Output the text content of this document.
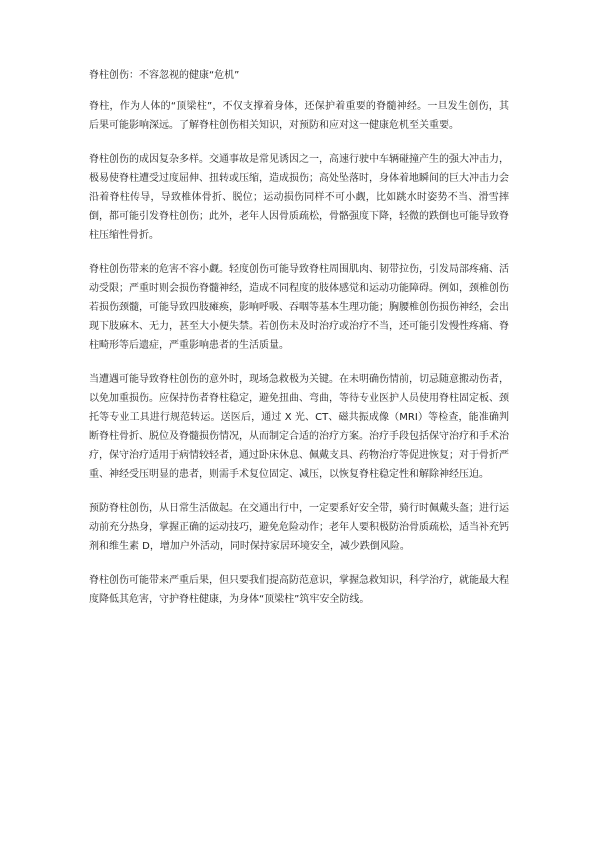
脊柱创伤：不容忽视的健康“危机”

脊柱，作为人体的“顶梁柱”，不仅支撑着身体，还保护着重要的脊髓神经。一旦发生创伤，其后果可能影响深远。了解脊柱创伤相关知识，对预防和应对这一健康危机至关重要。

脊柱创伤的成因复杂多样。交通事故是常见诱因之一，高速行驶中车辆碰撞产生的强大冲击力，极易使脊柱遭受过度屈伸、扭转或压缩，造成损伤；高处坠落时，身体着地瞬间的巨大冲击力会沿着脊柱传导，导致椎体骨折、脱位；运动损伤同样不可小觑，比如跳水时姿势不当、滑雪摔倒，都可能引发脊柱创伤；此外，老年人因骨质疏松，骨骼强度下降，轻微的跌倒也可能导致脊柱压缩性骨折。

脊柱创伤带来的危害不容小觑。轻度创伤可能导致脊柱周围肌肉、韧带拉伤，引发局部疼痛、活动受限；严重时则会损伤脊髓神经，造成不同程度的肢体感觉和运动功能障碍。例如，颈椎创伤若损伤颈髓，可能导致四肢瘫痪，影响呼吸、吞咽等基本生理功能；胸腰椎创伤损伤神经，会出现下肢麻木、无力，甚至大小便失禁。若创伤未及时治疗或治疗不当，还可能引发慢性疼痛、脊柱畸形等后遗症，严重影响患者的生活质量。

当遭遇可能导致脊柱创伤的意外时，现场急救极为关键。在未明确伤情前，切忌随意搬动伤者，以免加重损伤。应保持伤者脊柱稳定，避免扭曲、弯曲，等待专业医护人员使用脊柱固定板、颈托等专业工具进行规范转运。送医后，通过 X 光、CT、磁共振成像（MRI）等检查，能准确判断脊柱骨折、脱位及脊髓损伤情况，从而制定合适的治疗方案。治疗手段包括保守治疗和手术治疗，保守治疗适用于病情较轻者，通过卧床休息、佩戴支具、药物治疗等促进恢复；对于骨折严重、神经受压明显的患者，则需手术复位固定、减压，以恢复脊柱稳定性和解除神经压迫。

预防脊柱创伤，从日常生活做起。在交通出行中，一定要系好安全带，骑行时佩戴头盔；进行运动前充分热身，掌握正确的运动技巧，避免危险动作；老年人要积极防治骨质疏松，适当补充钙剂和维生素 D，增加户外活动，同时保持家居环境安全，减少跌倒风险。

脊柱创伤可能带来严重后果，但只要我们提高防范意识，掌握急救知识，科学治疗，就能最大程度降低其危害，守护脊柱健康，为身体“顶梁柱”筑牢安全防线。
